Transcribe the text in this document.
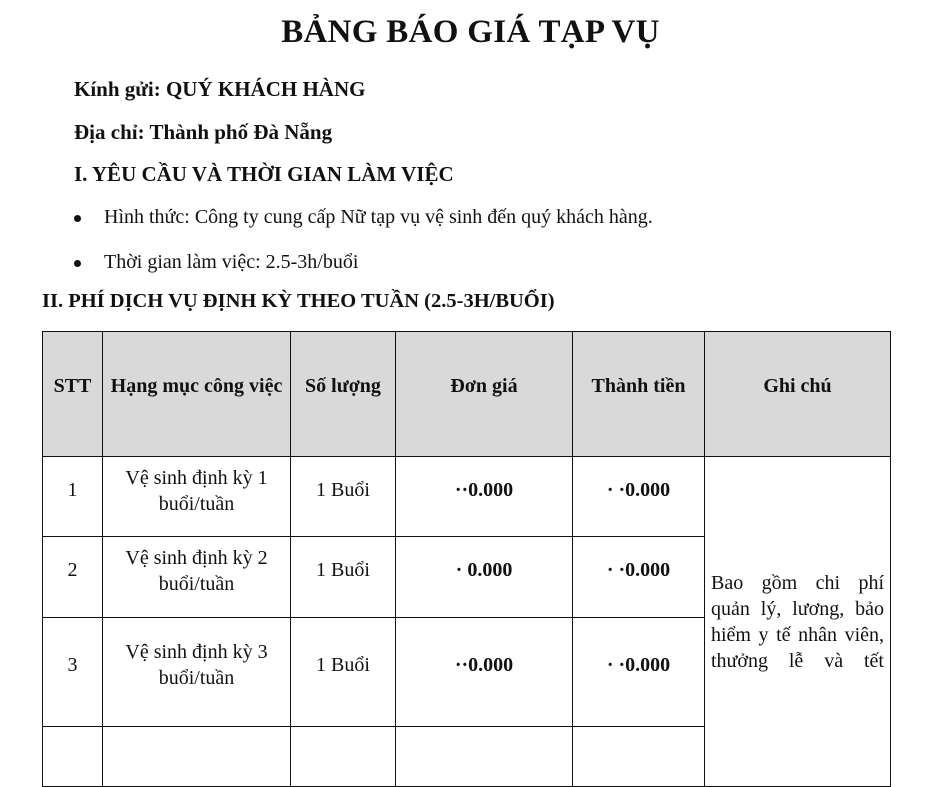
BẢNG BÁO GIÁ TẠP VỤ
Kính gửi: QUÝ KHÁCH HÀNG
Địa chỉ: Thành phố Đà Nẵng
I. YÊU CẦU VÀ THỜI GIAN LÀM VIỆC
Hình thức: Công ty cung cấp Nữ tạp vụ vệ sinh đến quý khách hàng.
Thời gian làm việc: 2.5-3h/buổi
II. PHÍ DỊCH VỤ ĐỊNH KỲ THEO TUẦN (2.5-3H/BUỔI)
STT	Hạng mục công việc	Số lượng	Đơn giá	Thành tiền	Ghi chú

1	Vệ sinh định kỳ 1 buổi/tuần	1 Buổi	··0.000	· ·0.000	Bao gồm chi phí quản lý, lương, bảo hiểm y tế nhân viên, thưởng lễ và tết

2	Vệ sinh định kỳ 2 buổi/tuần	1 Buổi	· 0.000	· ·0.000	
3	Vệ sinh định kỳ 3 buổi/tuần	1 Buổi	··0.000	· ·0.000	
